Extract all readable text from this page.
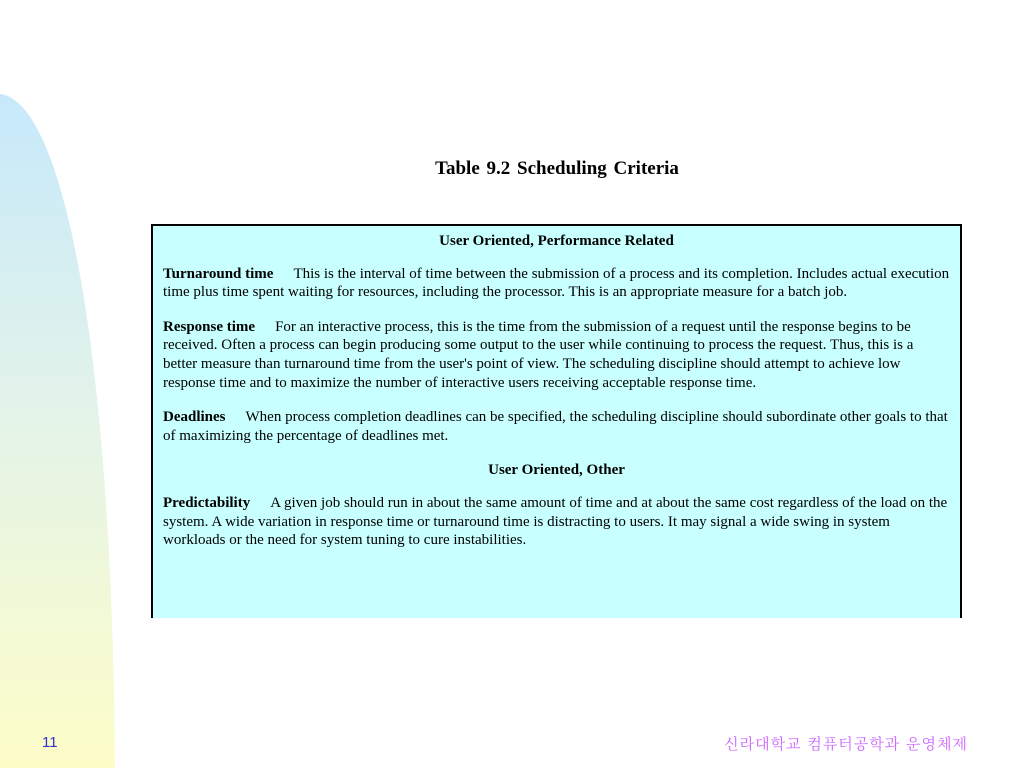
Table 9.2 Scheduling Criteria
User Oriented, Performance Related

Turnaround time This is the interval of time between the submission of a process and its completion. Includes actual execution time plus time spent waiting for resources, including the processor. This is an appropriate measure for a batch job.

Response time For an interactive process, this is the time from the submission of a request until the response begins to be received. Often a process can begin producing some output to the user while continuing to process the request. Thus, this is a better measure than turnaround time from the user's point of view. The scheduling discipline should attempt to achieve low response time and to maximize the number of interactive users receiving acceptable response time.

Deadlines When process completion deadlines can be specified, the scheduling discipline should subordinate other goals to that of maximizing the percentage of deadlines met.

User Oriented, Other

Predictability A given job should run in about the same amount of time and at about the same cost regardless of the load on the system. A wide variation in response time or turnaround time is distracting to users. It may signal a wide swing in system workloads or the need for system tuning to cure instabilities.

11	신라대학교 컴퓨터공학과 운영체제
